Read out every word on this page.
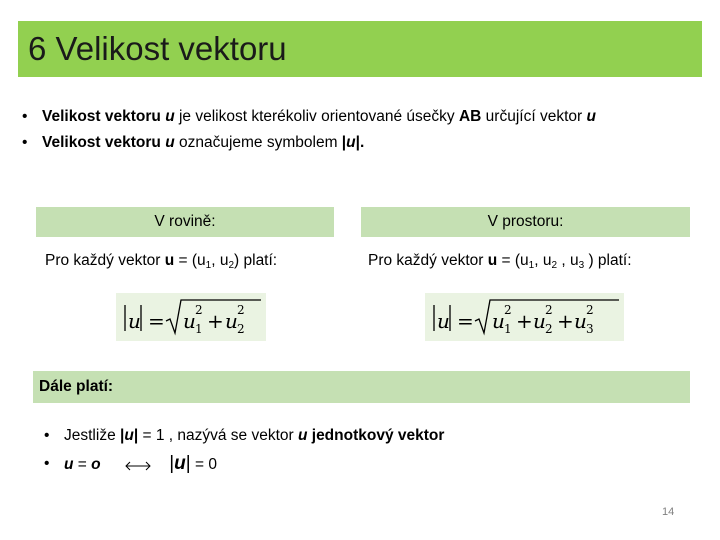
6 Velikost vektoru
• Velikost vektoru u je velikost kterékoliv orientované úsečky AB určující vektor u
• Velikost vektoru u označujeme symbolem |u|.
V rovině:
Pro každý vektor $u = (u_1$, $u_2$) platí:
u = u 1
2 + u 2
2
V prostoru:
Pro každý vektor $u = (u_1$, $u_2$ , $u_3$ ) platí:
u = u 1
2 + u 2
2 + u 3
2
Dále platí:
• Jestliže |u| = 1 , nazývá se vektor u jednotkový vektor
• u = o	|u| = 0
14
